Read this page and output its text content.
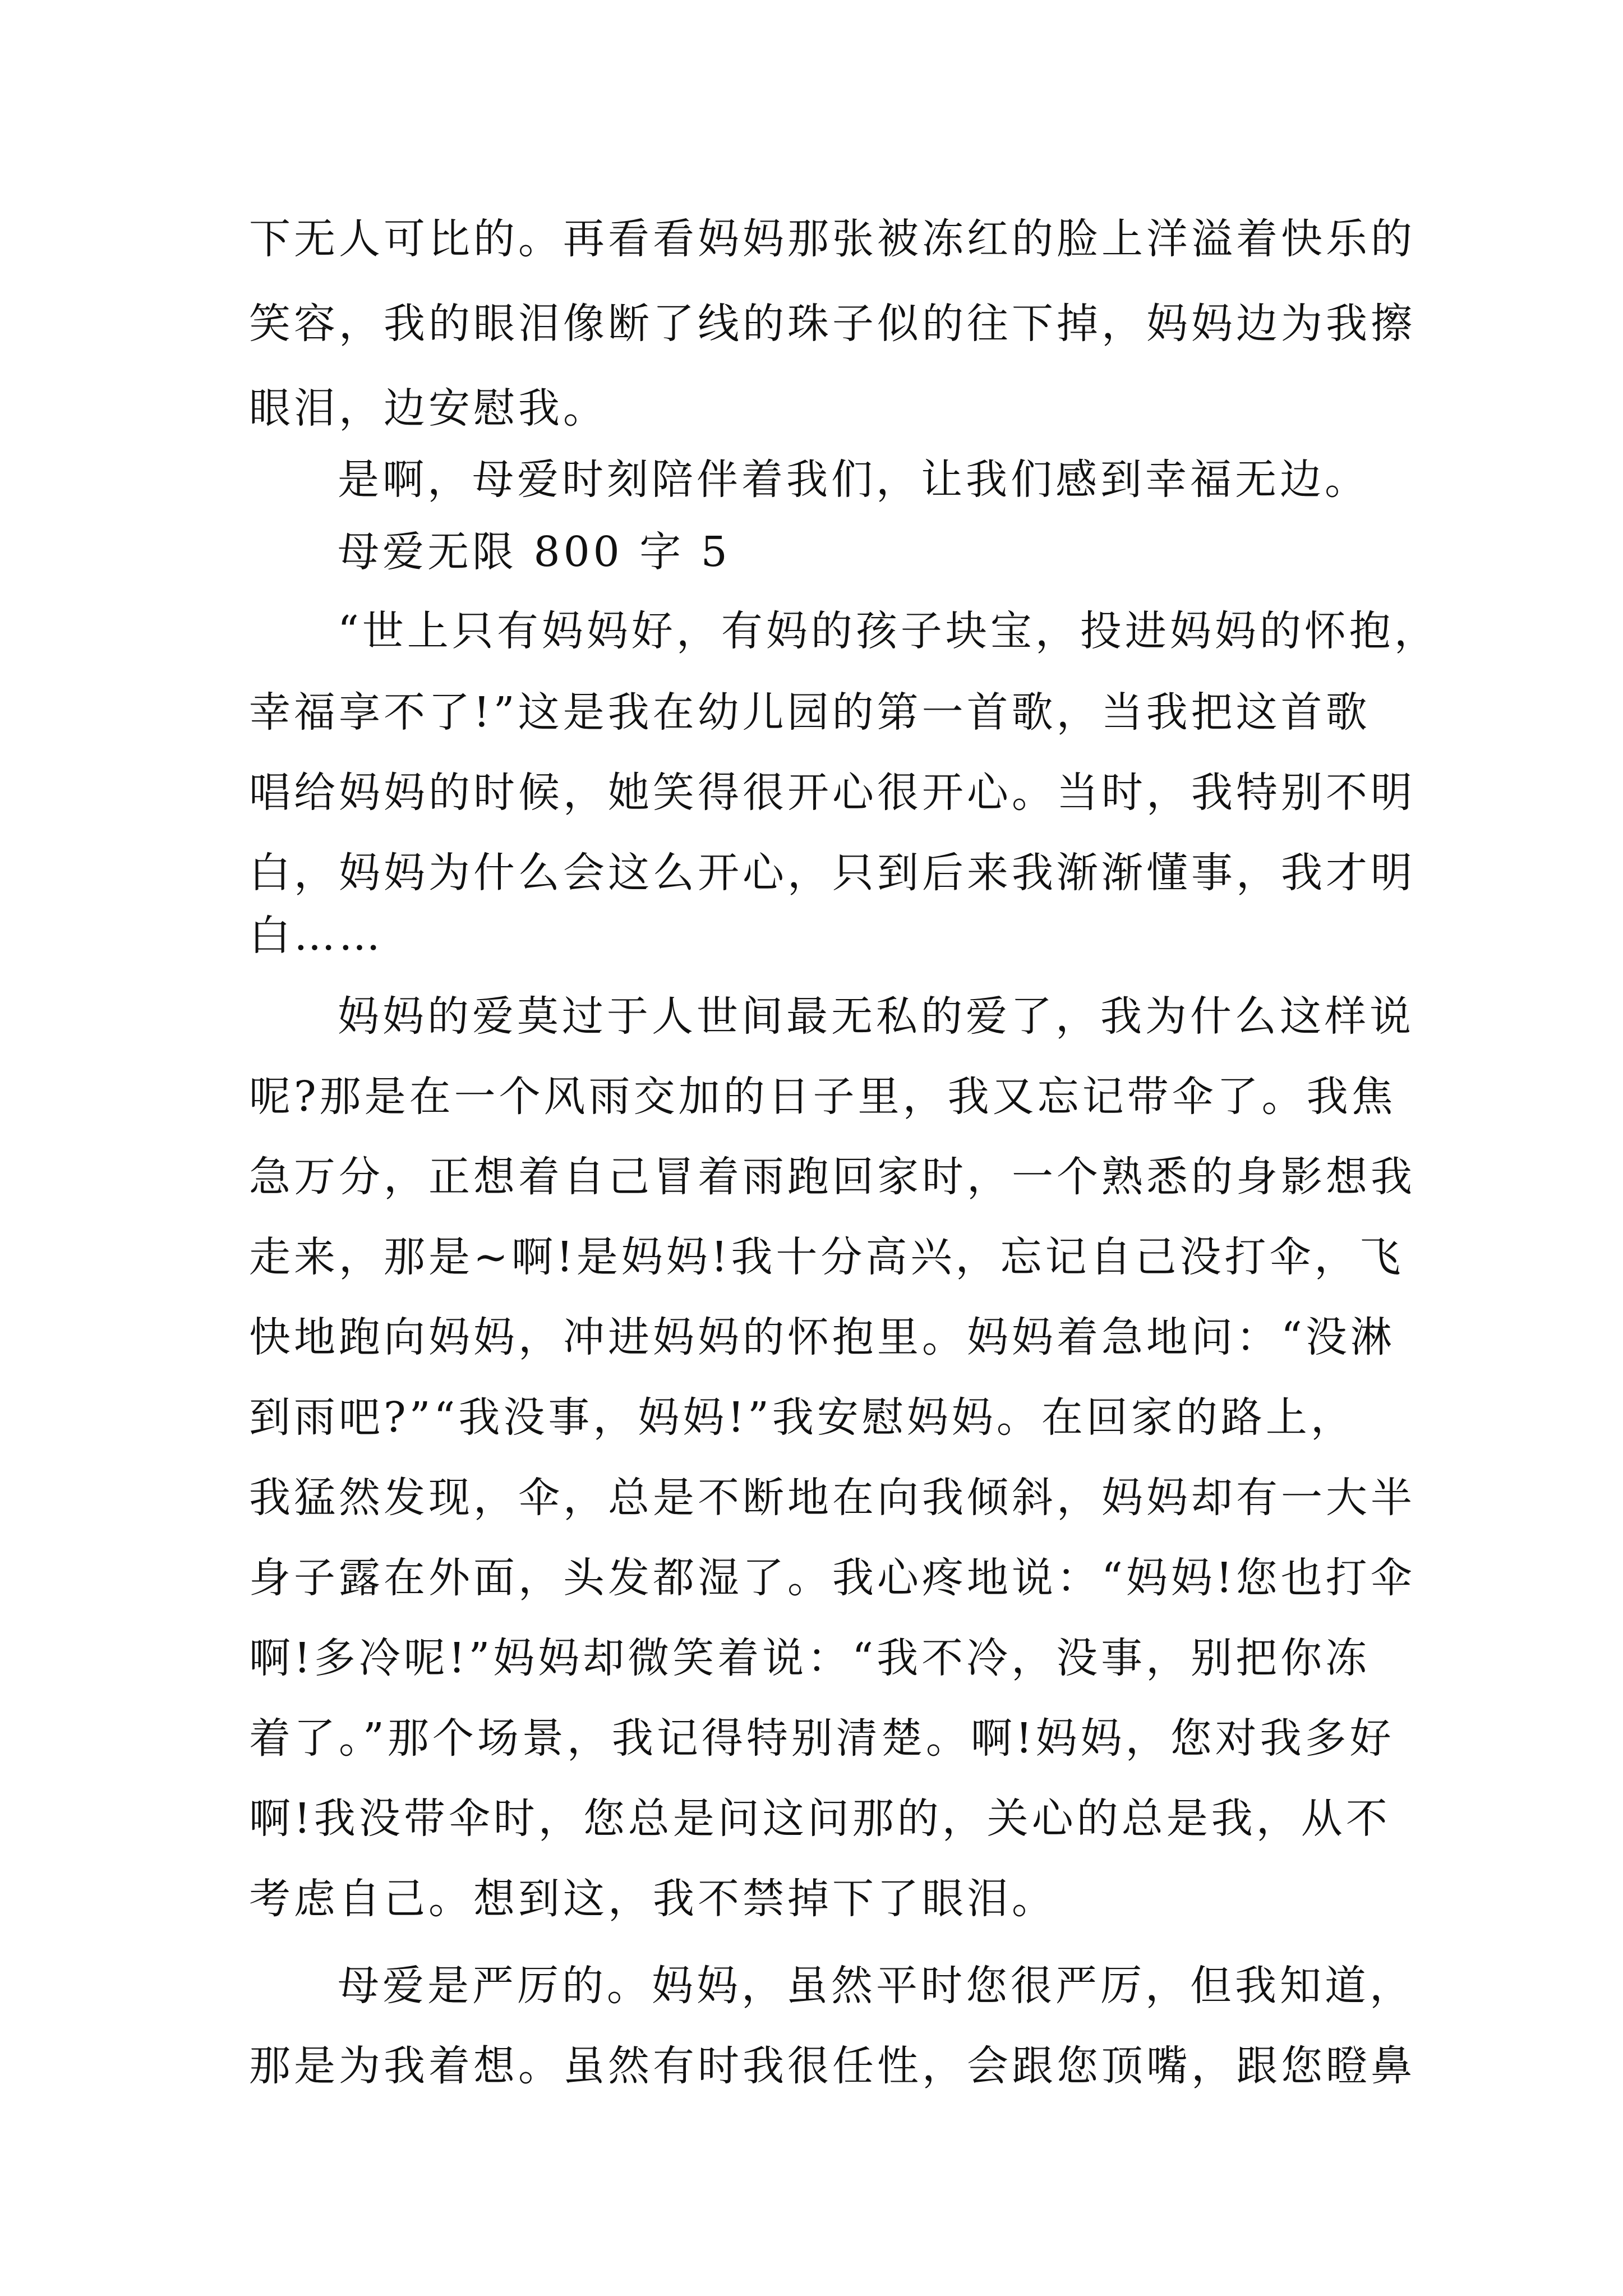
下无人可比的。再看看妈妈那张被冻红的脸上洋溢着快乐的
笑容，我的眼泪像断了线的珠子似的往下掉，妈妈边为我擦
眼泪，边安慰我。
是啊，母爱时刻陪伴着我们，让我们感到幸福无边。
母爱无限 800 字 5
“世上只有妈妈好，有妈的孩子块宝，投进妈妈的怀抱，
幸福享不了!”这是我在幼儿园的第一首歌，当我把这首歌
唱给妈妈的时候，她笑得很开心很开心。当时，我特别不明
白，妈妈为什么会这么开心，只到后来我渐渐懂事，我才明
白……
妈妈的爱莫过于人世间最无私的爱了，我为什么这样说
呢?那是在一个风雨交加的日子里，我又忘记带伞了。我焦
急万分，正想着自己冒着雨跑回家时，一个熟悉的身影想我
走来，那是~啊!是妈妈!我十分高兴，忘记自己没打伞，飞
快地跑向妈妈，冲进妈妈的怀抱里。妈妈着急地问：“没淋
到雨吧?”“我没事，妈妈!”我安慰妈妈。在回家的路上，
我猛然发现，伞，总是不断地在向我倾斜，妈妈却有一大半
身子露在外面，头发都湿了。我心疼地说：“妈妈!您也打伞
啊!多冷呢!”妈妈却微笑着说：“我不冷，没事，别把你冻
着了。”那个场景，我记得特别清楚。啊!妈妈，您对我多好
啊!我没带伞时，您总是问这问那的，关心的总是我，从不
考虑自己。想到这，我不禁掉下了眼泪。
母爱是严厉的。妈妈，虽然平时您很严厉，但我知道，
那是为我着想。虽然有时我很任性，会跟您顶嘴，跟您瞪鼻
